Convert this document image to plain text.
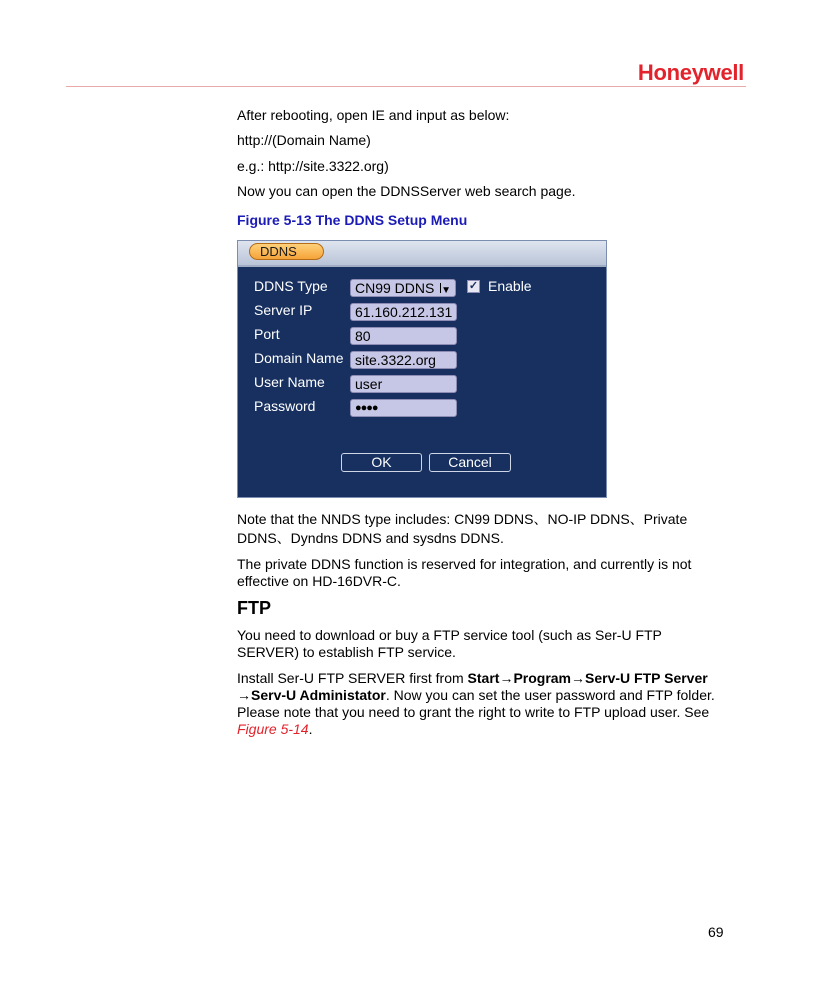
Honeywell

After rebooting, open IE and input as below:

http://(Domain Name)

e.g.: http://site.3322.org)

Now you can open the DDNSServer web search page.

Figure 5-13 The DDNS Setup Menu

DDNS
DDNS Type	CN99 DDNS ▼ ✓ Enable
Server IP	61.160.212.131
Port	80
Domain Name site.3322.org
User Name	user
Password	●●●●
OK	Cancel

Note that the NNDS type includes: CN99 DDNS、NO-IP DDNS、Private DDNS、Dyndns DDNS and sysdns DDNS.

The private DDNS function is reserved for integration, and currently is not effective on HD-16DVR-C.

FTP

You need to download or buy a FTP service tool (such as Ser-U FTP SERVER) to establish FTP service.

Install Ser-U FTP SERVER first from Start→Program→Serv-U FTP Server →Serv-U Administator. Now you can set the user password and FTP folder. Please note that you need to grant the right to write to FTP upload user. See Figure 5-14.

69
